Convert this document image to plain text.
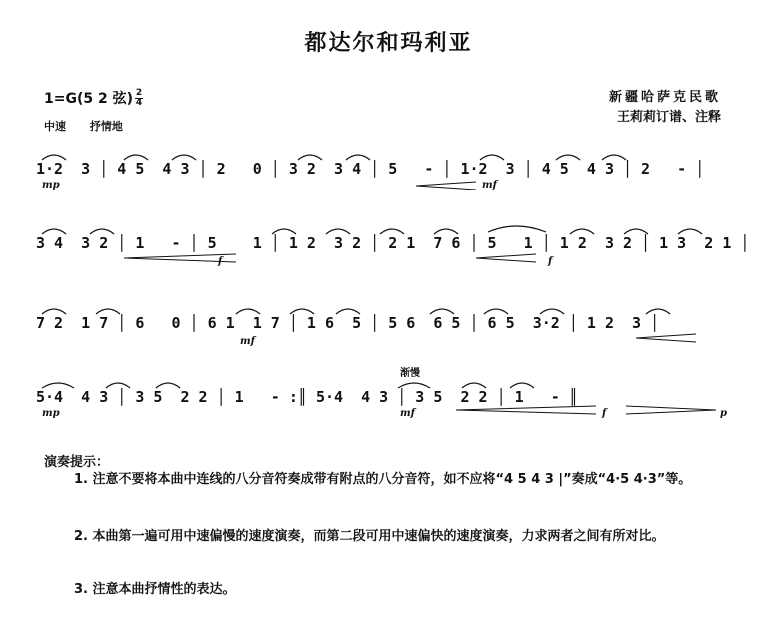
都达尔和玛利亚
1=G(5 2 弦) 2
4
中速 抒情地
新疆哈萨克民歌
王莉莉订谱、注释
1·2  3 │ 4 5  4 3 │ 2   0 │ 3 2  3 4 │ 5   - │ 1·2  3 │ 4 5  4 3 │ 2   - │
mp	mf
3 4  3 2 │ 1   - │ 5    1 │ 1 2  3 2 │ 2 1  7 6 │ 5   1 │ 1 2  3 2 │ 1 3  2 1 │
f	f
7 2  1 7 │ 6   0 │ 6 1  1 7 │ 1 6  5 │ 5 6  6 5 │ 6 5  3·2 │ 1 2  3 │
mf
5·4  4 3 │ 3 5  2 2 │ 1   - :║ 5·4  4 3 │ 3 5  2 2 │ 1   - ║
mp
渐慢
mf	f	p
演奏提示：
1. 注意不要将本曲中连线的八分音符奏成带有附点的八分音符，如不应将“4 5 4 3 |”奏成“4·5 4·3”等。
2. 本曲第一遍可用中速偏慢的速度演奏，而第二段可用中速偏快的速度演奏，力求两者之间有所对比。
3. 注意本曲抒情性的表达。
